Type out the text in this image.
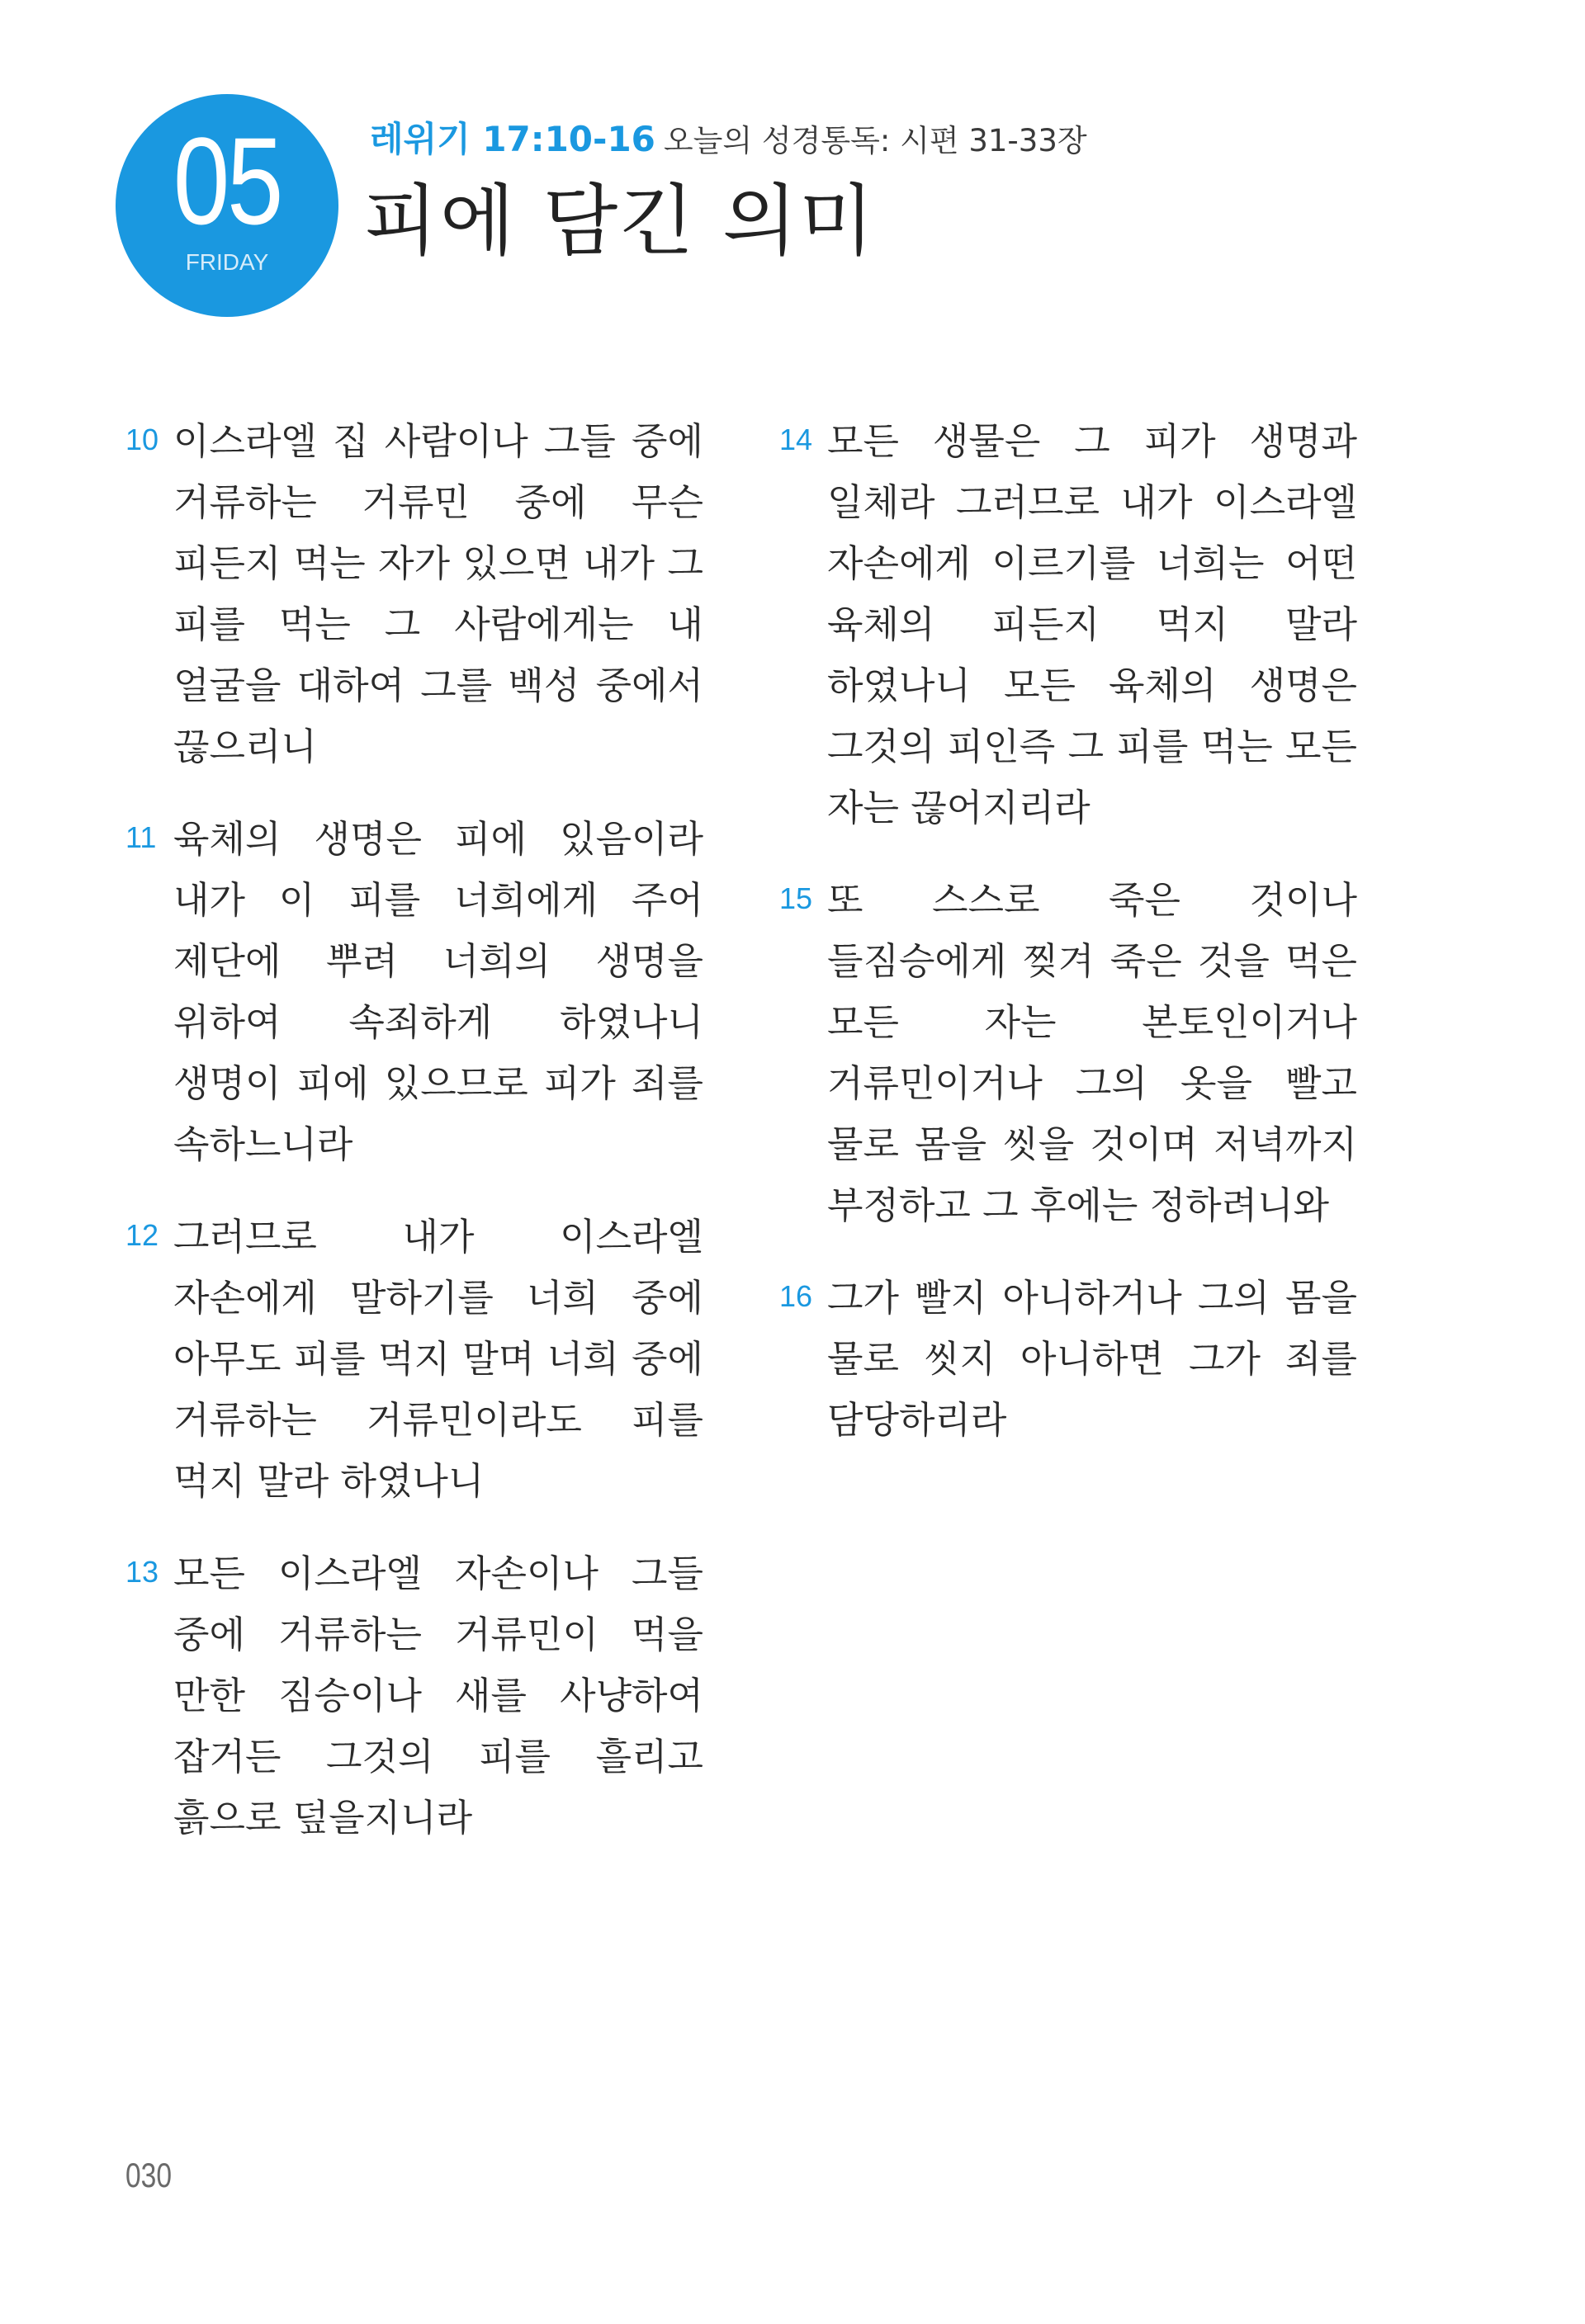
05
FRIDAY
레위기 17:10-16 오늘의 성경통독: 시편 31-33장
피에 담긴 의미
10 이스라엘 집 사람이나 그들 중에 거류하는 거류민 중에 무슨 피든지 먹는 자가 있으면 내가 그 피를 먹는 그 사람에게는 내 얼굴을 대하여 그를 백성 중에서 끊으리니
11 육체의 생명은 피에 있음이라 내가 이 피를 너희에게 주어 제단에 뿌려 너희의 생명을 위하여 속죄하게 하였나니 생명이 피에 있으므로 피가 죄를 속하느니라
12 그러므로 내가 이스라엘 자손에게 말하기를 너희 중에 아무도 피를 먹지 말며 너희 중에 거류하는 거류민이라도 피를 먹지 말라 하였나니
13 모든 이스라엘 자손이나 그들 중에 거류하는 거류민이 먹을 만한 짐승이나 새를 사냥하여 잡거든 그것의 피를 흘리고 흙으로 덮을지니라
14 모든 생물은 그 피가 생명과 일체라 그러므로 내가 이스라엘 자손에게 이르기를 너희는 어떤 육체의 피든지 먹지 말라 하였나니 모든 육체의 생명은 그것의 피인즉 그 피를 먹는 모든 자는 끊어지리라
15 또 스스로 죽은 것이나 들짐승에게 찢겨 죽은 것을 먹은 모든 자는 본토인이거나 거류민이거나 그의 옷을 빨고 물로 몸을 씻을 것이며 저녁까지 부정하고 그 후에는 정하려니와
16 그가 빨지 아니하거나 그의 몸을 물로 씻지 아니하면 그가 죄를 담당하리라
030
